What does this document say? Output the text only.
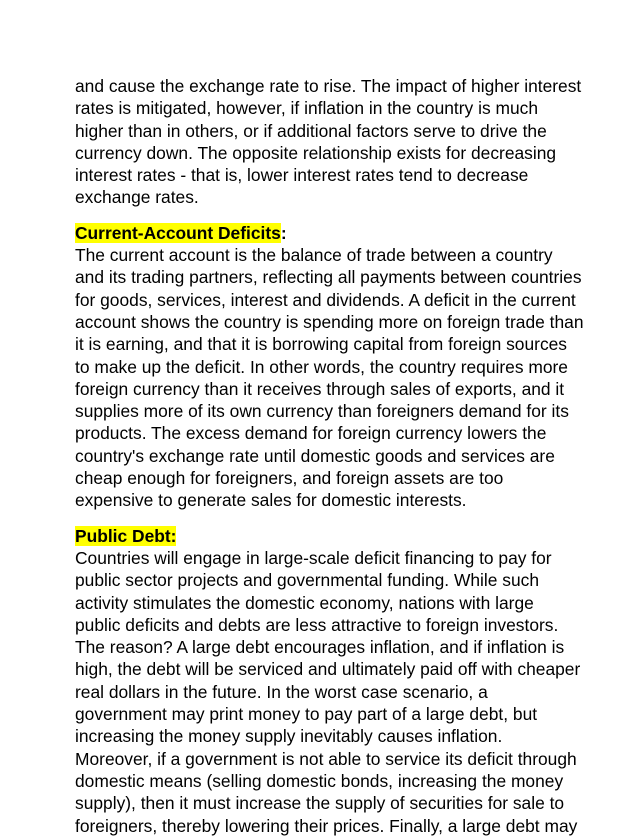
and cause the exchange rate to rise. The impact of higher interest
rates is mitigated, however, if inflation in the country is much
higher than in others, or if additional factors serve to drive the
currency down. The opposite relationship exists for decreasing
interest rates - that is, lower interest rates tend to decrease
exchange rates.
Current-Account Deficits:
The current account is the balance of trade between a country
and its trading partners, reflecting all payments between countries
for goods, services, interest and dividends. A deficit in the current
account shows the country is spending more on foreign trade than
it is earning, and that it is borrowing capital from foreign sources
to make up the deficit. In other words, the country requires more
foreign currency than it receives through sales of exports, and it
supplies more of its own currency than foreigners demand for its
products. The excess demand for foreign currency lowers the
country's exchange rate until domestic goods and services are
cheap enough for foreigners, and foreign assets are too
expensive to generate sales for domestic interests.
Public Debt:
Countries will engage in large-scale deficit financing to pay for
public sector projects and governmental funding. While such
activity stimulates the domestic economy, nations with large
public deficits and debts are less attractive to foreign investors.
The reason? A large debt encourages inflation, and if inflation is
high, the debt will be serviced and ultimately paid off with cheaper
real dollars in the future. In the worst case scenario, a
government may print money to pay part of a large debt, but
increasing the money supply inevitably causes inflation.
Moreover, if a government is not able to service its deficit through
domestic means (selling domestic bonds, increasing the money
supply), then it must increase the supply of securities for sale to
foreigners, thereby lowering their prices. Finally, a large debt may
